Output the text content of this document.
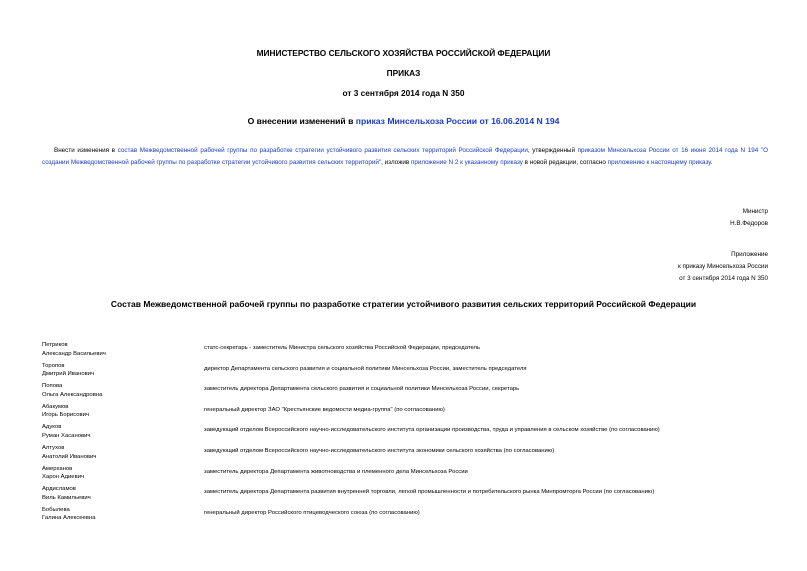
МИНИСТЕРСТВО СЕЛЬСКОГО ХОЗЯЙСТВА РОССИЙСКОЙ ФЕДЕРАЦИИ
ПРИКАЗ
от 3 сентября 2014 года N 350
О внесении изменений в приказ Минсельхоза России от 16.06.2014 N 194
Внести изменения в состав Межведомственной рабочей группы по разработке стратегии устойчивого развития сельских территорий Российской Федерации, утвержденный приказом Минсельхоза России от 16 июня 2014 года N 194 "О создании Межведомственной рабочей группы по разработке стратегии устойчивого развития сельских территорий", изложив приложение N 2 к указанному приказу в новой редакции, согласно приложению к настоящему приказу.
Министр
Н.В.Федоров
Приложение
к приказу Минсельхоза России
от 3 сентября 2014 года N 350
Состав Межведомственной рабочей группы по разработке стратегии устойчивого развития сельских территорий Российской Федерации
Петриков
Александр Васильевич
статс-секретарь - заместитель Министра сельского хозяйства Российской Федерации, председатель
Торопов
Дмитрий Иванович
директор Департамента сельского развития и социальной политики Минсельхоза России, заместитель председателя
Попова
Ольга Александровна
заместитель директора Департамента сельского развития и социальной политики Минсельхоза России, секретарь
Абакумов
Игорь Борисович
генеральный директор ЗАО "Крестьянские ведомости медиа-группа" (по согласованию)
Адуков
Руман Хасанович
заведующий отделом Всероссийского научно-исследовательского института организации производства, труда и управления в сельском хозяйстве (по согласованию)
Алтухов
Анатолий Иванович
заведующий отделом Всероссийского научно-исследовательского института экономики сельского хозяйства (по согласованию)
Амерханов
Харон Адиевич
заместитель директора Департамента животноводства и племенного дела Минсельхоза России
Ардисламов
Виль Камильевич
заместитель директора Департамента развития внутренней торговли, легкой промышленности и потребительского рынка Минпромторга России (по согласованию)
Бобылева
Галина Алексеевна
генеральный директор Российского птицеводческого союза (по согласованию)
